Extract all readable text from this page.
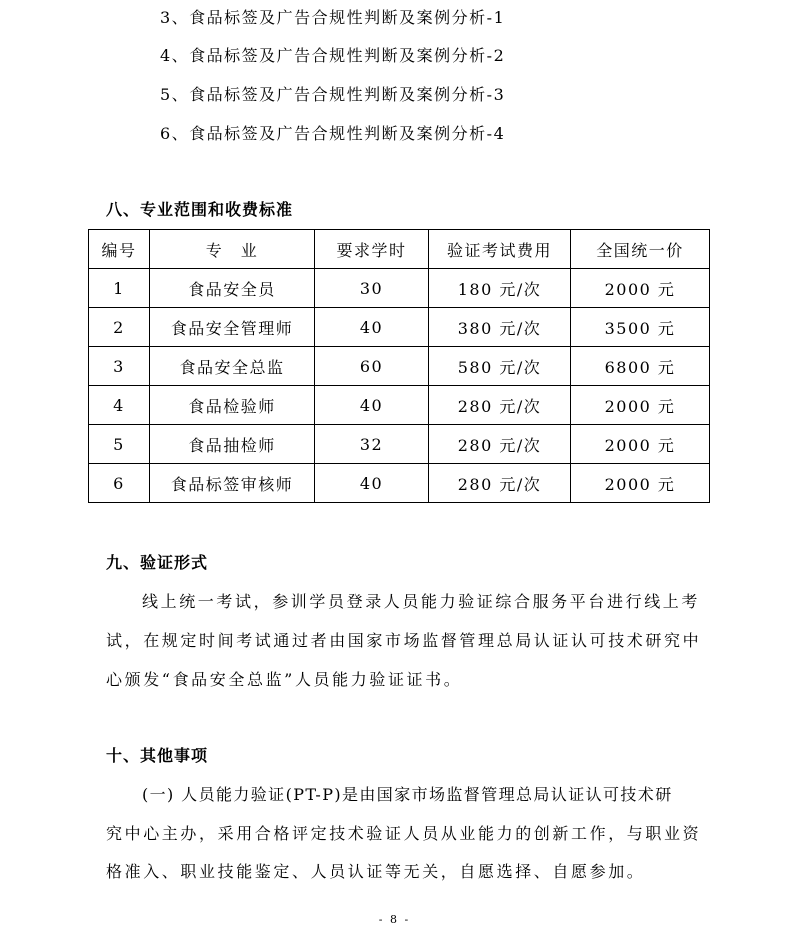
3、食品标签及广告合规性判断及案例分析-1
4、食品标签及广告合规性判断及案例分析-2
5、食品标签及广告合规性判断及案例分析-3
6、食品标签及广告合规性判断及案例分析-4
八、专业范围和收费标准
编号	专　业	要求学时	验证考试费用	全国统一价
1	食品安全员	30	180 元/次	2000 元
2	食品安全管理师	40	380 元/次	3500 元
3	食品安全总监	60	580 元/次	6800 元
4	食品检验师	40	280 元/次	2000 元
5	食品抽检师	32	280 元/次	2000 元
6	食品标签审核师	40	280 元/次	2000 元
九、验证形式
线上统一考试，参训学员登录人员能力验证综合服务平台进行线上考
试，在规定时间考试通过者由国家市场监督管理总局认证认可技术研究中
心颁发“食品安全总监”人员能力验证证书。
十、其他事项
(一) 人员能力验证(PT-P)是由国家市场监督管理总局认证认可技术研
究中心主办，采用合格评定技术验证人员从业能力的创新工作，与职业资
格准入、职业技能鉴定、人员认证等无关，自愿选择、自愿参加。
- 8 -
